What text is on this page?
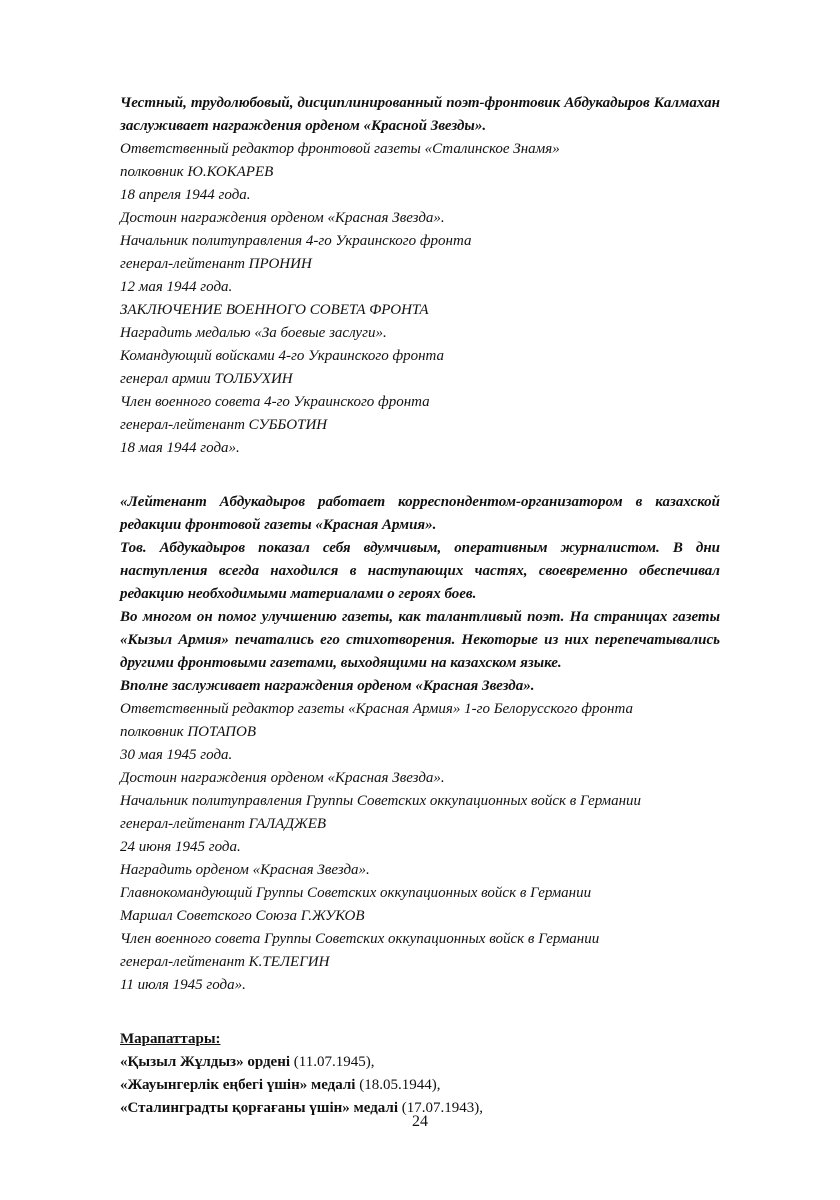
Честный, трудолюбовый, дисциплинированный поэт-фронтовик Абдукадыров Калмахан заслуживает награждения орденом «Красной Звезды».

Ответственный редактор фронтовой газеты «Сталинское Знамя»

полковник Ю.КОКАРЕВ

18 апреля 1944 года.

Достоин награждения орденом «Красная Звезда».

Начальник политуправления 4-го Украинского фронта

генерал-лейтенант ПРОНИН

12 мая 1944 года.

ЗАКЛЮЧЕНИЕ ВОЕННОГО СОВЕТА ФРОНТА

Наградить медалью «За боевые заслуги».

Командующий войсками 4-го Украинского фронта

генерал армии ТОЛБУХИН

Член военного совета 4-го Украинского фронта

генерал-лейтенант СУББОТИН

18 мая 1944 года».

«Лейтенант Абдукадыров работает корреспондентом-организатором в казахской редакции фронтовой газеты «Красная Армия».

Тов. Абдукадыров показал себя вдумчивым, оперативным журналистом. В дни наступления всегда находился в наступающих частях, своевременно обеспечивал редакцию необходимыми материалами о героях боев.

Во многом он помог улучшению газеты, как талантливый поэт. На страницах газеты «Кызыл Армия» печатались его стихотворения. Некоторые из них перепечатывались другими фронтовыми газетами, выходящими на казахском языке.

Вполне заслуживает награждения орденом «Красная Звезда».

Ответственный редактор газеты «Красная Армия» 1-го Белорусского фронта

полковник ПОТАПОВ

30 мая 1945 года.

Достоин награждения орденом «Красная Звезда».

Начальник политуправления Группы Советских оккупационных войск в Германии

генерал-лейтенант ГАЛАДЖЕВ

24 июня 1945 года.

Наградить орденом «Красная Звезда».

Главнокомандующий Группы Советских оккупационных войск в Германии

Маршал Советского Союза Г.ЖУКОВ

Член военного совета Группы Советских оккупационных войск в Германии

генерал-лейтенант К.ТЕЛЕГИН

11 июля 1945 года».

Марапаттары:

«Қызыл Жұлдыз» ордені (11.07.1945),

«Жауынгерлік еңбегі үшін» медалі (18.05.1944),

«Сталинградты қорғағаны үшін» медалі (17.07.1943),

24
